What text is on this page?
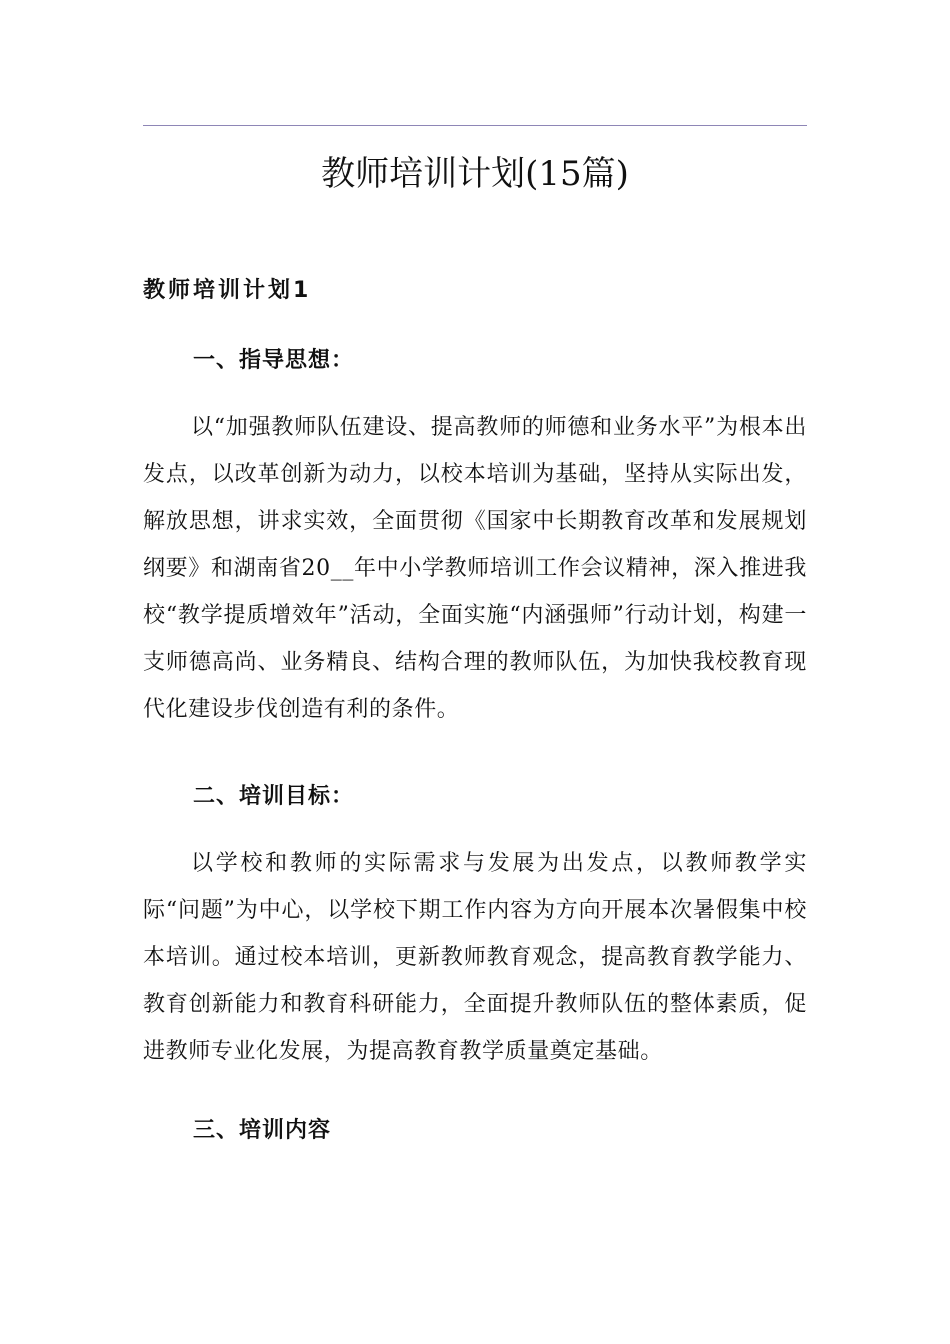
教师培训计划(15篇)
教师培训计划1
一、指导思想：

以“加强教师队伍建设、提高教师的师德和业务水平”为根本出发点，以改革创新为动力，以校本培训为基础，坚持从实际出发，解放思想，讲求实效，全面贯彻《国家中长期教育改革和发展规划纲要》和湖南省20__年中小学教师培训工作会议精神，深入推进我校“教学提质增效年”活动，全面实施“内涵强师”行动计划，构建一支师德高尚、业务精良、结构合理的教师队伍，为加快我校教育现代化建设步伐创造有利的条件。

二、培训目标：

以学校和教师的实际需求与发展为出发点，以教师教学实际“问题”为中心，以学校下期工作内容为方向开展本次暑假集中校本培训。通过校本培训，更新教师教育观念，提高教育教学能力、教育创新能力和教育科研能力，全面提升教师队伍的整体素质，促进教师专业化发展，为提高教育教学质量奠定基础。

三、培训内容
